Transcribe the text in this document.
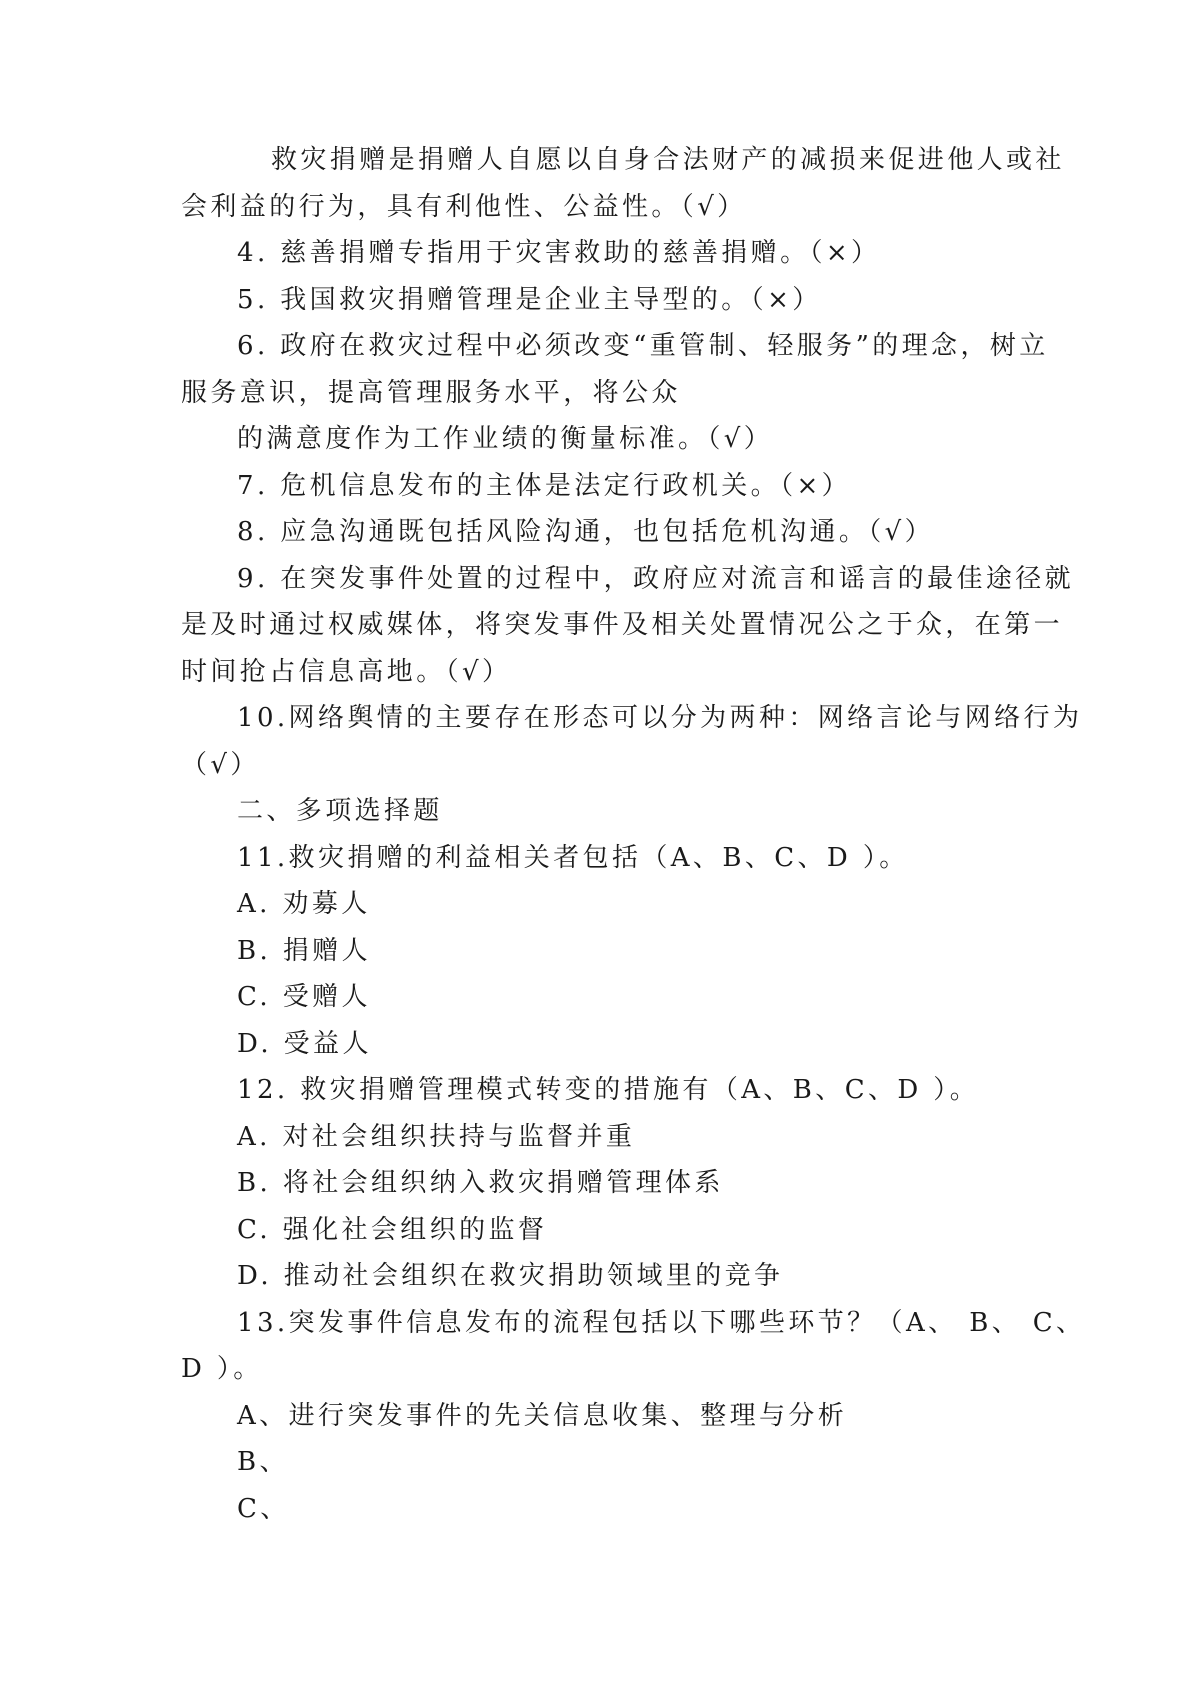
救灾捐赠是捐赠人自愿以自身合法财产的减损来促进他人或社
会利益的行为，具有利他性、公益性。（√）
4. 慈善捐赠专指用于灾害救助的慈善捐赠。（×）
5. 我国救灾捐赠管理是企业主导型的。（×）
6. 政府在救灾过程中必须改变“重管制、轻服务”的理念，树立
服务意识，提高管理服务水平，将公众
的满意度作为工作业绩的衡量标准。（√）
7. 危机信息发布的主体是法定行政机关。（×）
8. 应急沟通既包括风险沟通，也包括危机沟通。（√）
9. 在突发事件处置的过程中，政府应对流言和谣言的最佳途径就
是及时通过权威媒体，将突发事件及相关处置情况公之于众，在第一
时间抢占信息高地。（√）
10.网络舆情的主要存在形态可以分为两种：网络言论与网络行为
（√）
二、多项选择题
11.救灾捐赠的利益相关者包括（A、B、C、D ）。
A. 劝募人
B. 捐赠人
C. 受赠人
D. 受益人
12. 救灾捐赠管理模式转变的措施有（A、B、C、D ）。
A. 对社会组织扶持与监督并重
B. 将社会组织纳入救灾捐赠管理体系
C. 强化社会组织的监督
D. 推动社会组织在救灾捐助领域里的竞争
13.突发事件信息发布的流程包括以下哪些环节？（A、 B、 C、
D ）。
A、进行突发事件的先关信息收集、整理与分析
B、
C、
